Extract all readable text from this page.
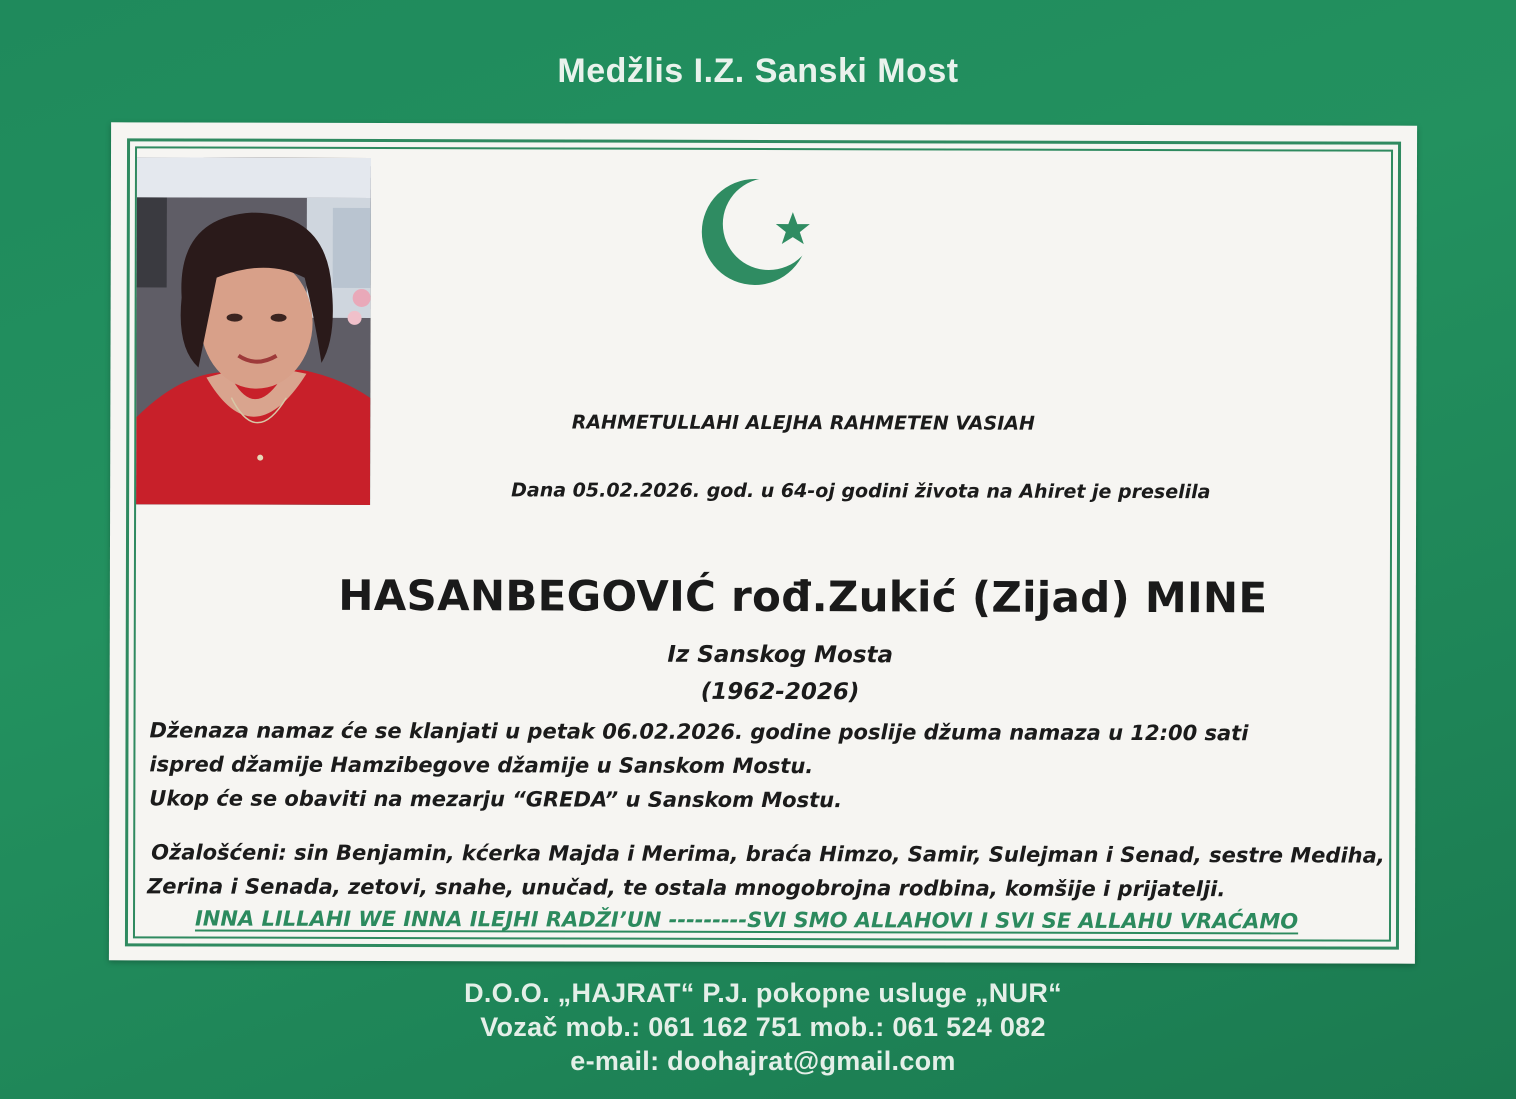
Medžlis I.Z. Sanski Most
RAHMETULLAHI ALEJHA RAHMETEN VASIAH
Dana 05.02.2026. god. u 64-oj godini života na Ahiret je preselila
HASANBEGOVIĆ rođ.Zukić (Zijad) MINE
Iz Sanskog Mosta
(1962-2026)
Dženaza namaz će se klanjati u petak 06.02.2026. godine poslije džuma namaza u 12:00 sati
ispred džamije Hamzibegove džamije u Sanskom Mostu.
Ukop će se obaviti na mezarju “GREDA” u Sanskom Mostu.
Ožalošćeni: sin Benjamin, kćerka Majda i Merima, braća Himzo, Samir, Sulejman i Senad, sestre Mediha,
Zerina i Senada, zetovi, snahe, unučad, te ostala mnogobrojna rodbina, komšije i prijatelji.
INNA LILLAHI WE INNA ILEJHI RADŽI’UN ---------SVI SMO ALLAHOVI I SVI SE ALLAHU VRAĆAMO
D.O.O. „HAJRAT“ P.J. pokopne usluge „NUR“
Vozač mob.: 061 162 751 mob.: 061 524 082
e-mail: doohajrat@gmail.com
